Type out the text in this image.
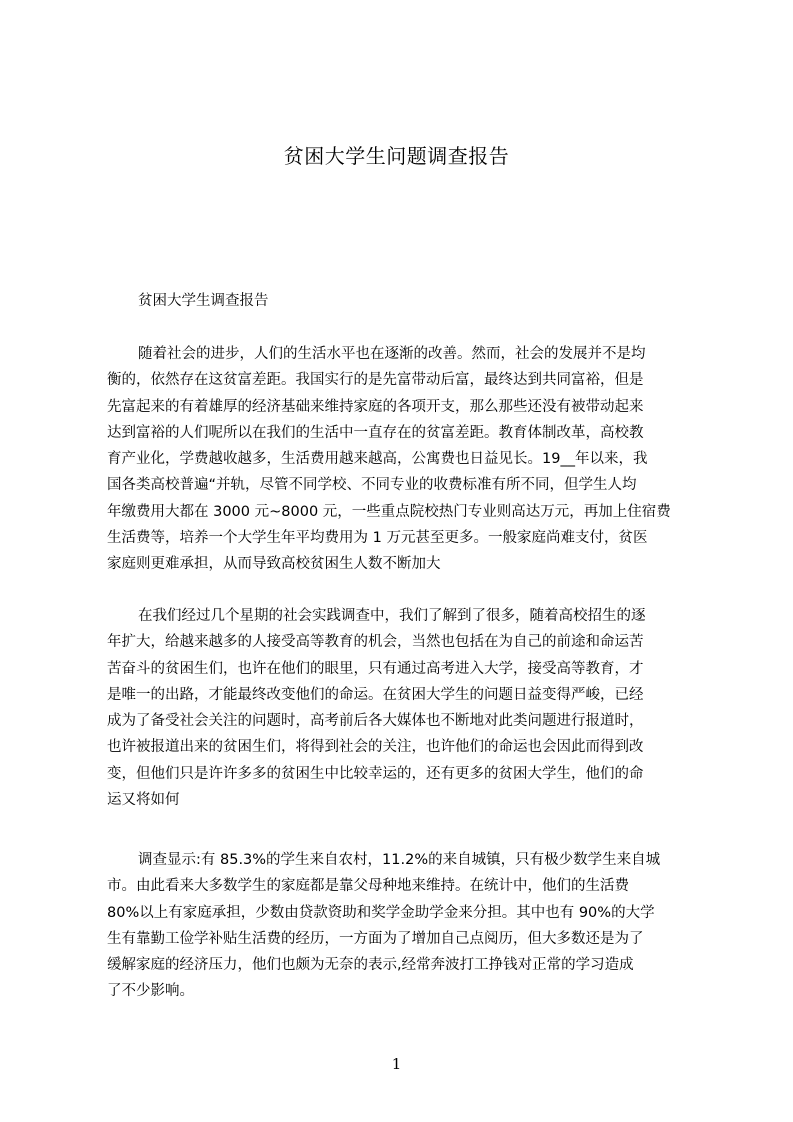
贫困大学生问题调查报告
贫困大学生调查报告
随着社会的进步，人们的生活水平也在逐渐的改善。然而，社会的发展并不是均
衡的，依然存在这贫富差距。我国实行的是先富带动后富，最终达到共同富裕，但是
先富起来的有着雄厚的经济基础来维持家庭的各项开支，那么那些还没有被带动起来
达到富裕的人们呢所以在我们的生活中一直存在的贫富差距。教育体制改革，高校教
育产业化，学费越收越多，生活费用越来越高，公寓费也日益见长。19__年以来，我
国各类高校普遍“并轨，尽管不同学校、不同专业的收费标准有所不同，但学生人均
年缴费用大都在 3000 元~8000 元，一些重点院校热门专业则高达万元，再加上住宿费
生活费等，培养一个大学生年平均费用为 1 万元甚至更多。一般家庭尚难支付，贫医
家庭则更难承担，从而导致高校贫困生人数不断加大
在我们经过几个星期的社会实践调查中，我们了解到了很多，随着高校招生的逐
年扩大，给越来越多的人接受高等教育的机会，当然也包括在为自己的前途和命运苦
苦奋斗的贫困生们，也许在他们的眼里，只有通过高考进入大学，接受高等教育，才
是唯一的出路，才能最终改变他们的命运。在贫困大学生的问题日益变得严峻，已经
成为了备受社会关注的问题时，高考前后各大媒体也不断地对此类问题进行报道时，
也许被报道出来的贫困生们，将得到社会的关注，也许他们的命运也会因此而得到改
变，但他们只是许许多多的贫困生中比较幸运的，还有更多的贫困大学生，他们的命
运又将如何
调查显示:有 85.3%的学生来自农村，11.2%的来自城镇，只有极少数学生来自城
市。由此看来大多数学生的家庭都是靠父母种地来维持。在统计中，他们的生活费
80%以上有家庭承担，少数由贷款资助和奖学金助学金来分担。其中也有 90%的大学
生有靠勤工俭学补贴生活费的经历，一方面为了增加自己点阅历，但大多数还是为了
缓解家庭的经济压力，他们也颇为无奈的表示,经常奔波打工挣钱对正常的学习造成
了不少影响。
1
